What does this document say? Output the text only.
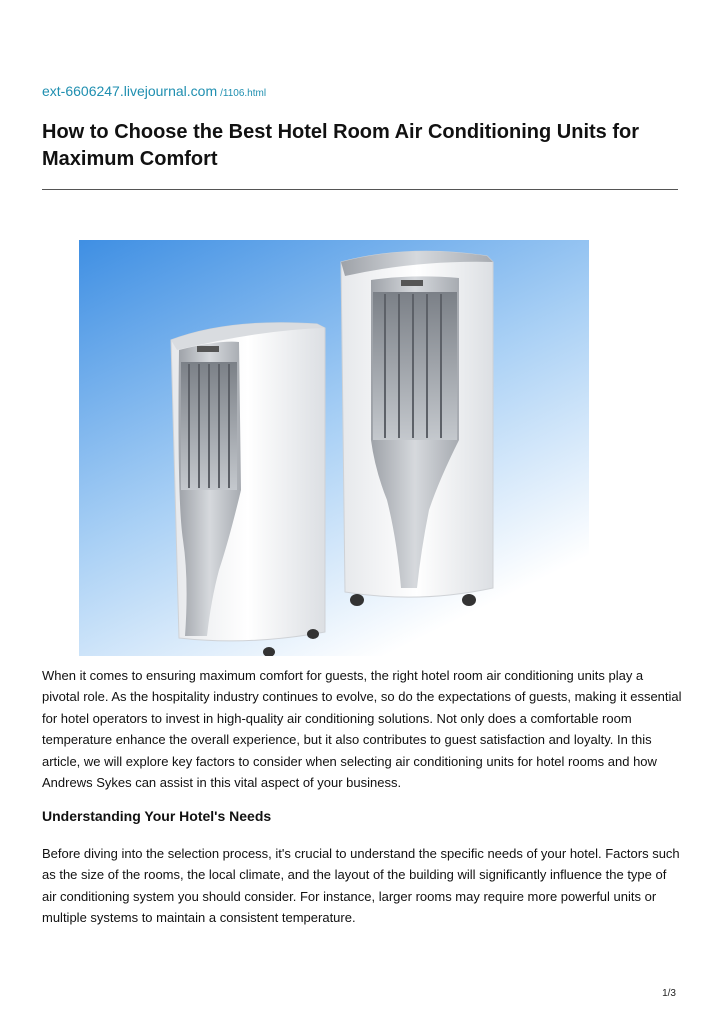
ext-6606247.livejournal.com /1106.html
How to Choose the Best Hotel Room Air Conditioning Units for Maximum Comfort

When it comes to ensuring maximum comfort for guests, the right hotel room air conditioning units play a pivotal role. As the hospitality industry continues to evolve, so do the expectations of guests, making it essential for hotel operators to invest in high-quality air conditioning solutions. Not only does a comfortable room temperature enhance the overall experience, but it also contributes to guest satisfaction and loyalty. In this article, we will explore key factors to consider when selecting air conditioning units for hotel rooms and how Andrews Sykes can assist in this vital aspect of your business.

Understanding Your Hotel's Needs

Before diving into the selection process, it's crucial to understand the specific needs of your hotel. Factors such as the size of the rooms, the local climate, and the layout of the building will significantly influence the type of air conditioning system you should consider. For instance, larger rooms may require more powerful units or multiple systems to maintain a consistent temperature.

1/3
